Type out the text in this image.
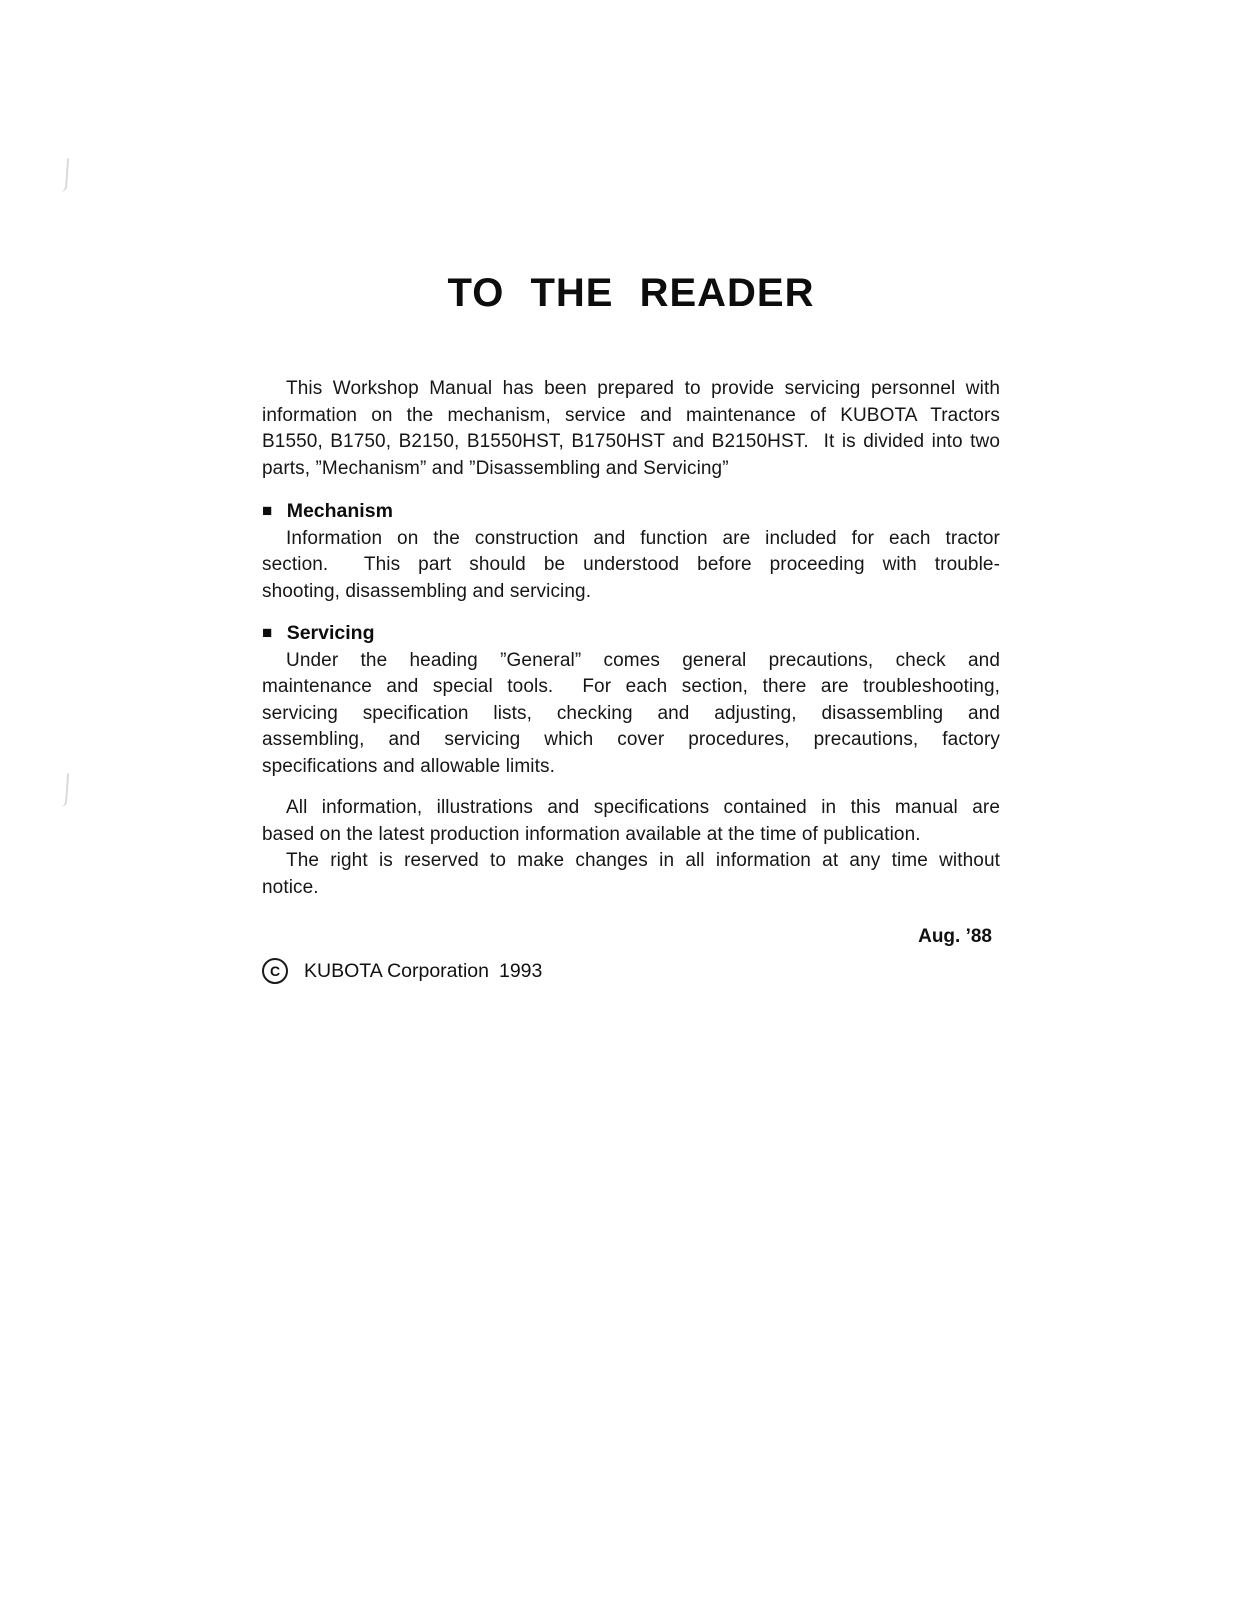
TO THE READER
This Workshop Manual has been prepared to provide servicing personnel with
information on the mechanism, service and maintenance of KUBOTA Tractors
B1550, B1750, B2150, B1550HST, B1750HST and B2150HST.  It is divided into two
parts, ”Mechanism” and ”Disassembling and Servicing”
■ Mechanism
Information on the construction and function are included for each tractor
section.  This part should be understood before proceeding with trouble-
shooting, disassembling and servicing.
■ Servicing
Under the heading ”General” comes general precautions, check and
maintenance and special tools.  For each section, there are troubleshooting,
servicing specification lists, checking and adjusting, disassembling and
assembling, and servicing which cover procedures, precautions, factory
specifications and allowable limits.
All information, illustrations and specifications contained in this manual are
based on the latest production information available at the time of publication.
The right is reserved to make changes in all information at any time without
notice.
Aug. ’88
C	KUBOTA Corporation 1993
